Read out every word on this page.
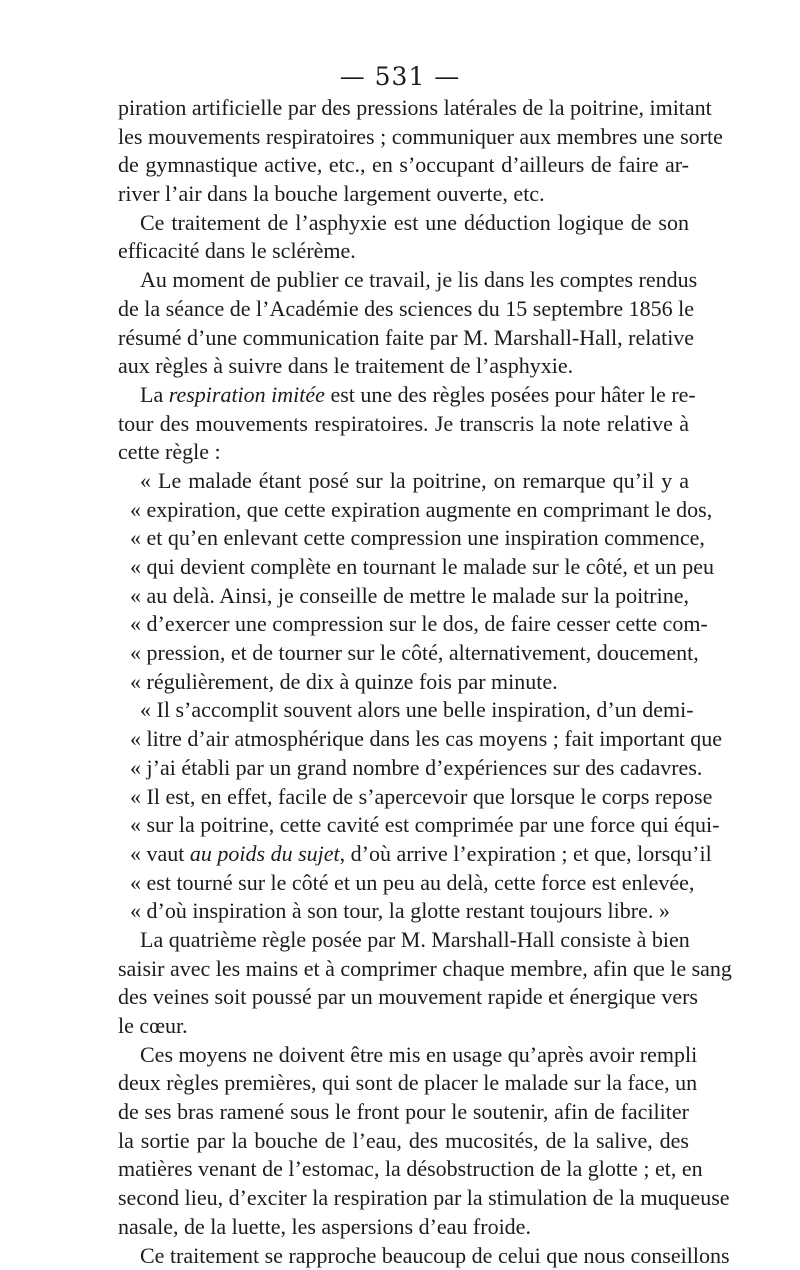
— 531 —
piration artificielle par des pressions latérales de la poitrine, imitant
les mouvements respiratoires ; communiquer aux membres une sorte
de gymnastique active, etc., en s’occupant d’ailleurs de faire ar-
river l’air dans la bouche largement ouverte, etc.
Ce traitement de l’asphyxie est une déduction logique de son
efficacité dans le sclérème.
Au moment de publier ce travail, je lis dans les comptes rendus
de la séance de l’Académie des sciences du 15 septembre 1856 le
résumé d’une communication faite par M. Marshall-Hall, relative
aux règles à suivre dans le traitement de l’asphyxie.
La respiration imitée est une des règles posées pour hâter le re-
tour des mouvements respiratoires. Je transcris la note relative à
cette règle :
« Le malade étant posé sur la poitrine, on remarque qu’il y a
« expiration, que cette expiration augmente en comprimant le dos,
« et qu’en enlevant cette compression une inspiration commence,
« qui devient complète en tournant le malade sur le côté, et un peu
« au delà. Ainsi, je conseille de mettre le malade sur la poitrine,
« d’exercer une compression sur le dos, de faire cesser cette com-
« pression, et de tourner sur le côté, alternativement, doucement,
« régulièrement, de dix à quinze fois par minute.
« Il s’accomplit souvent alors une belle inspiration, d’un demi-
« litre d’air atmosphérique dans les cas moyens ; fait important que
« j’ai établi par un grand nombre d’expériences sur des cadavres.
« Il est, en effet, facile de s’apercevoir que lorsque le corps repose
« sur la poitrine, cette cavité est comprimée par une force qui équi-
« vaut au poids du sujet, d’où arrive l’expiration ; et que, lorsqu’il
« est tourné sur le côté et un peu au delà, cette force est enlevée,
« d’où inspiration à son tour, la glotte restant toujours libre. »
La quatrième règle posée par M. Marshall-Hall consiste à bien
saisir avec les mains et à comprimer chaque membre, afin que le sang
des veines soit poussé par un mouvement rapide et énergique vers
le cœur.
Ces moyens ne doivent être mis en usage qu’après avoir rempli
deux règles premières, qui sont de placer le malade sur la face, un
de ses bras ramené sous le front pour le soutenir, afin de faciliter
la sortie par la bouche de l’eau, des mucosités, de la salive, des
matières venant de l’estomac, la désobstruction de la glotte ; et, en
second lieu, d’exciter la respiration par la stimulation de la muqueuse
nasale, de la luette, les aspersions d’eau froide.
Ce traitement se rapproche beaucoup de celui que nous conseillons
